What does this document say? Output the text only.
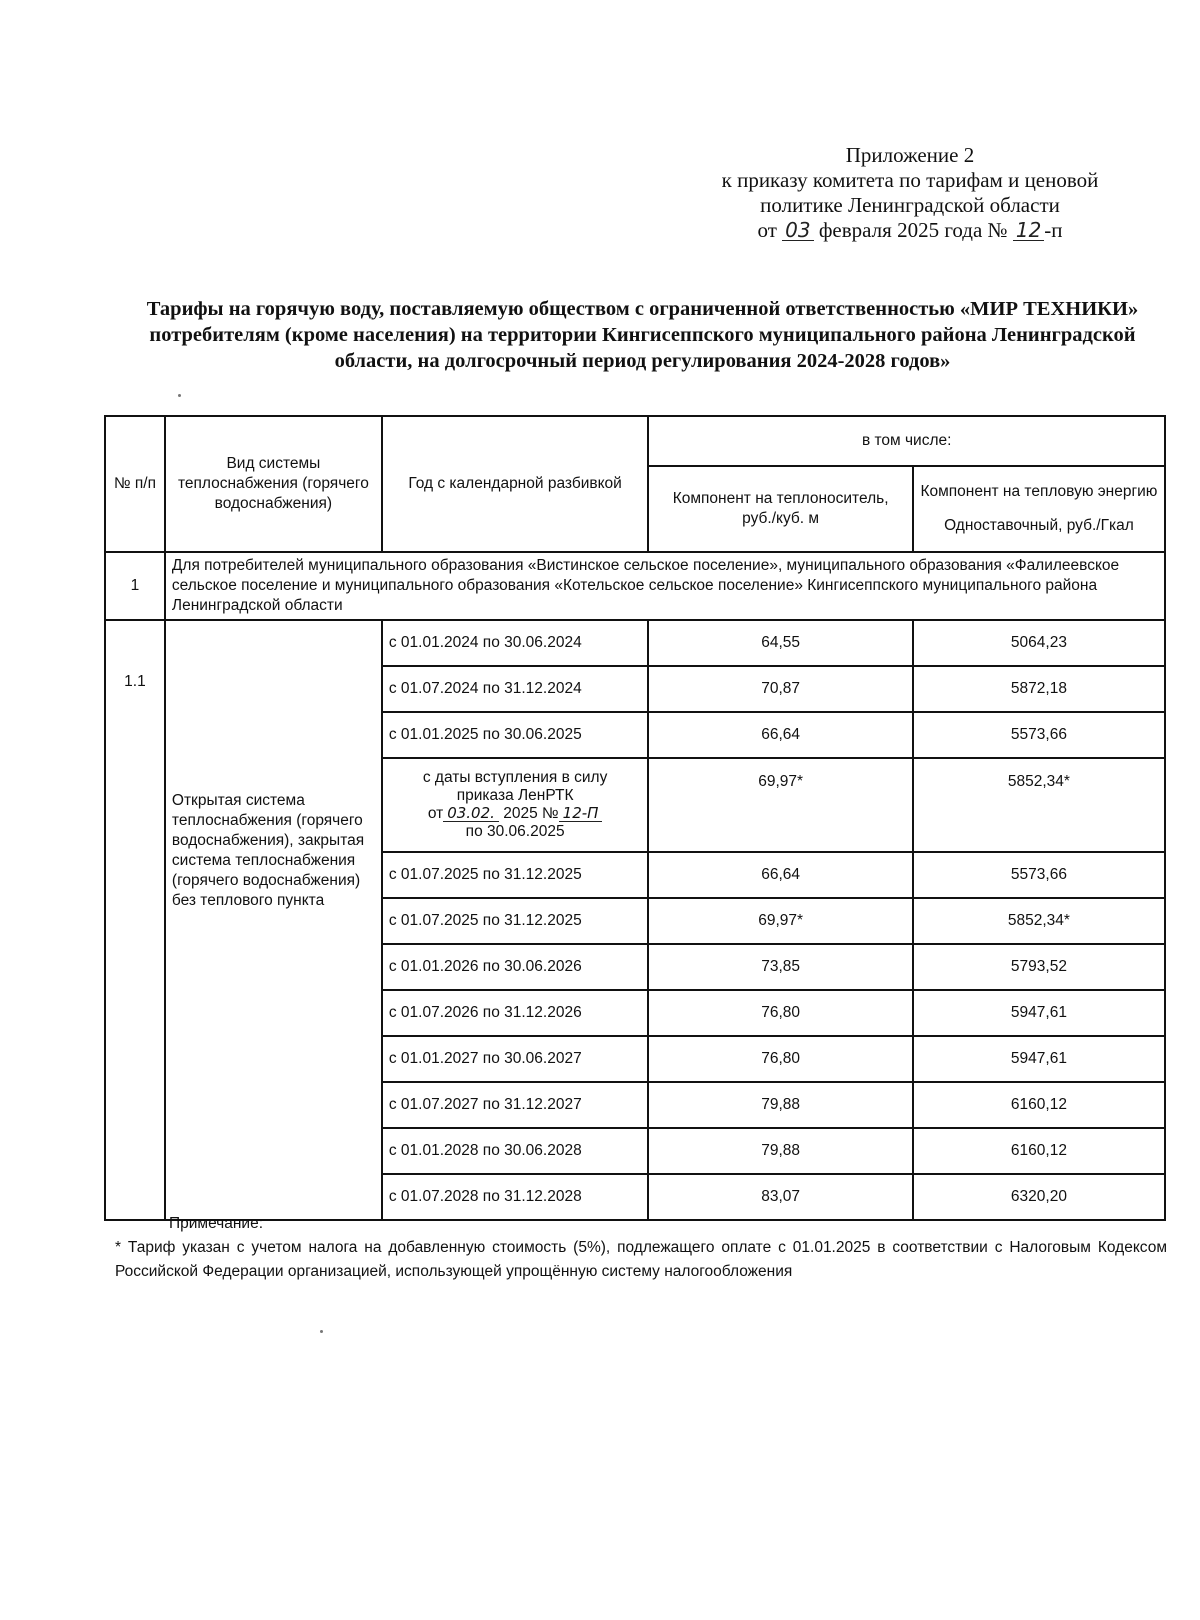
Приложение 2
к приказу комитета по тарифам и ценовой
политике Ленинградской области
от 03 февраля 2025 года № 12 -п
Тарифы на горячую воду, поставляемую обществом с ограниченной ответственностью «МИР ТЕХНИКИ» потребителям (кроме населения) на территории Кингисеппского муниципального района Ленинградской области, на долгосрочный период регулирования 2024-2028 годов»
№ п/п	Вид системы теплоснабжения (горячего водоснабжения)	Год с календарной разбивкой	в том числе:	
			Компонент на теплоноситель, руб./куб. м	Компонент на тепловую энергию
Одноставочный, руб./Гкал

1	Для потребителей муниципального образования «Вистинское сельское поселение», муниципального образования «Фалилеевское сельское поселение и муниципального образования «Котельское сельское поселение» Кингисеппского муниципального района Ленинградской области			
1.1	Открытая система теплоснабжения (горячего водоснабжения), закрытая система теплоснабжения (горячего водоснабжения) без теплового пункта	с 01.01.2024 по 30.06.2024	64,55	5064,23
		с 01.07.2024 по 31.12.2024	70,87	5872,18
		с 01.01.2025 по 30.06.2025	66,64	5573,66

		с даты вступления в силу
приказа ЛенРТК
от 03.02. 2025 № 12-П
по 30.06.2025	69,97*	5852,34*
		с 01.07.2025 по 31.12.2025	66,64	5573,66
		с 01.07.2025 по 31.12.2025	69,97*	5852,34*
		с 01.01.2026 по 30.06.2026	73,85	5793,52
		с 01.07.2026 по 31.12.2026	76,80	5947,61
		с 01.01.2027 по 30.06.2027	76,80	5947,61
		с 01.07.2027 по 31.12.2027	79,88	6160,12
		с 01.01.2028 по 30.06.2028	79,88	6160,12
		с 01.07.2028 по 31.12.2028	83,07	6320,20
Примечание:
* Тариф указан с учетом налога на добавленную стоимость (5%), подлежащего оплате с 01.01.2025 в соответствии с Налоговым Кодексом Российской Федерации организацией, использующей упрощённую систему налогообложения
